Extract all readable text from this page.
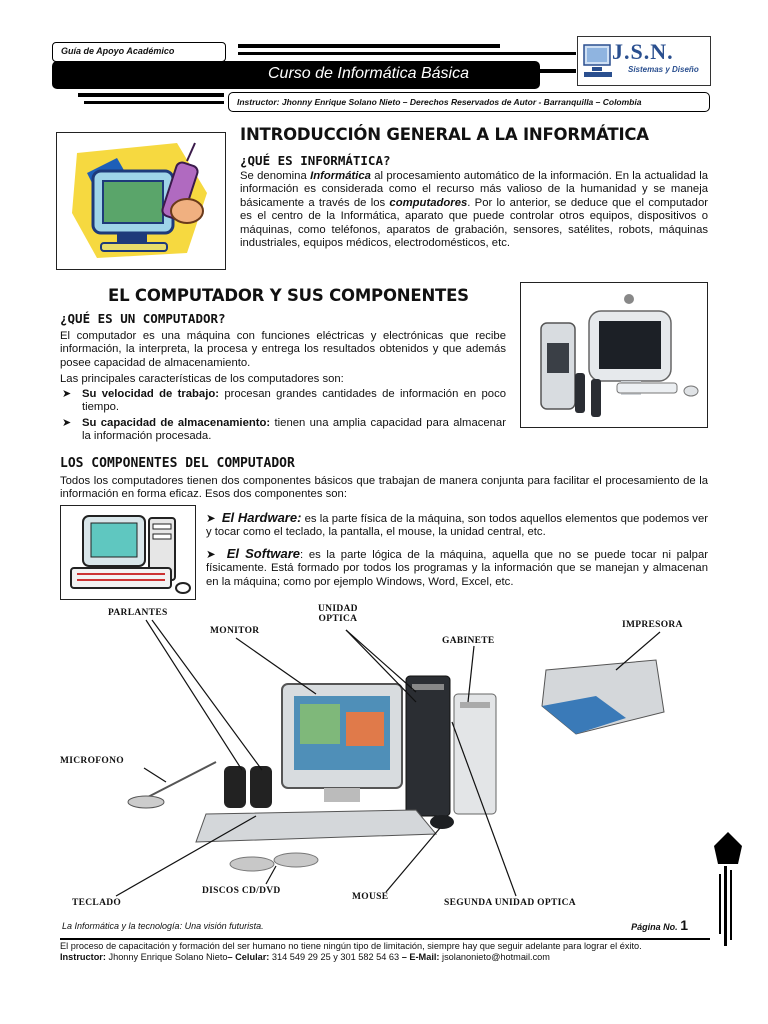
Guía de Apoyo Académico
Curso de Informática Básica
Instructor: Jhonny Enrique Solano Nieto – Derechos Reservados de Autor - Barranquilla – Colombia
J.S.N.
Sistemas y Diseño
INTRODUCCIÓN GENERAL A LA INFORMÁTICA
¿QUÉ ES INFORMÁTICA?
Se denomina Informática al procesamiento automático de la información. En la actualidad la información es considerada como el recurso más valioso de la humanidad y se maneja básicamente a través de los computadores. Por lo anterior, se deduce que el computador es el centro de la Informática, aparato que puede controlar otros equipos, dispositivos o máquinas, como teléfonos, aparatos de grabación, sensores, satélites, robots, máquinas industriales, equipos médicos, electrodomésticos, etc.
EL COMPUTADOR Y SUS COMPONENTES
¿QUÉ ES UN COMPUTADOR?
El computador es una máquina con funciones eléctricas y electrónicas que recibe información, la interpreta, la procesa y entrega los resultados obtenidos y que además posee capacidad de almacenamiento.
Las principales características de los computadores son:
➤ Su velocidad de trabajo: procesan grandes cantidades de información en poco tiempo.
➤ Su capacidad de almacenamiento: tienen una amplia capacidad para almacenar la información procesada.
LOS COMPONENTES DEL COMPUTADOR
Todos los computadores tienen dos componentes básicos que trabajan de manera conjunta para facilitar el procesamiento de la información en forma eficaz. Esos dos componentes son:
➤ El Hardware: es la parte física de la máquina, son todos aquellos elementos que podemos ver y tocar como el teclado, la pantalla, el mouse, la unidad central, etc.
➤ El Software: es la parte lógica de la máquina, aquella que no se puede tocar ni palpar físicamente. Está formado por todos los programas y la información que se manejan y almacenan en la máquina; como por ejemplo Windows, Word, Excel, etc.
PARLANTES
MONITOR
UNIDAD
OPTICA
GABINETE
IMPRESORA
MICROFONO
TECLADO
DISCOS CD/DVD
MOUSE
SEGUNDA UNIDAD OPTICA
La Informática y la tecnología: Una visión futurista.	Página No. 1
El proceso de capacitación y formación del ser humano no tiene ningún tipo de limitación, siempre hay que seguir adelante para lograr el éxito.
Instructor: Jhonny Enrique Solano Nieto– Celular: 314 549 29 25 y 301 582 54 63 – E-Mail: jsolanonieto@hotmail.com
